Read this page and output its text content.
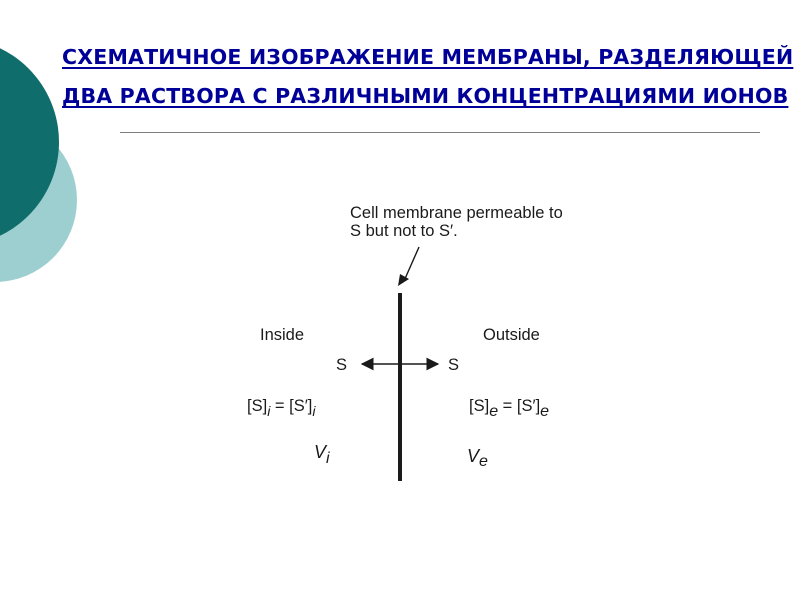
СХЕМАТИЧНОЕ ИЗОБРАЖЕНИЕ МЕМБРАНЫ, РАЗДЕЛЯЮЩЕЙ
ДВА РАСТВОРА С РАЗЛИЧНЫМИ КОНЦЕНТРАЦИЯМИ ИОНОВ
Cell membrane permeable to
S but not to S′.
Inside	Outside
S	S
$[S]_i = [S']_i$	[S]e = [S′]e
Vi	Ve
